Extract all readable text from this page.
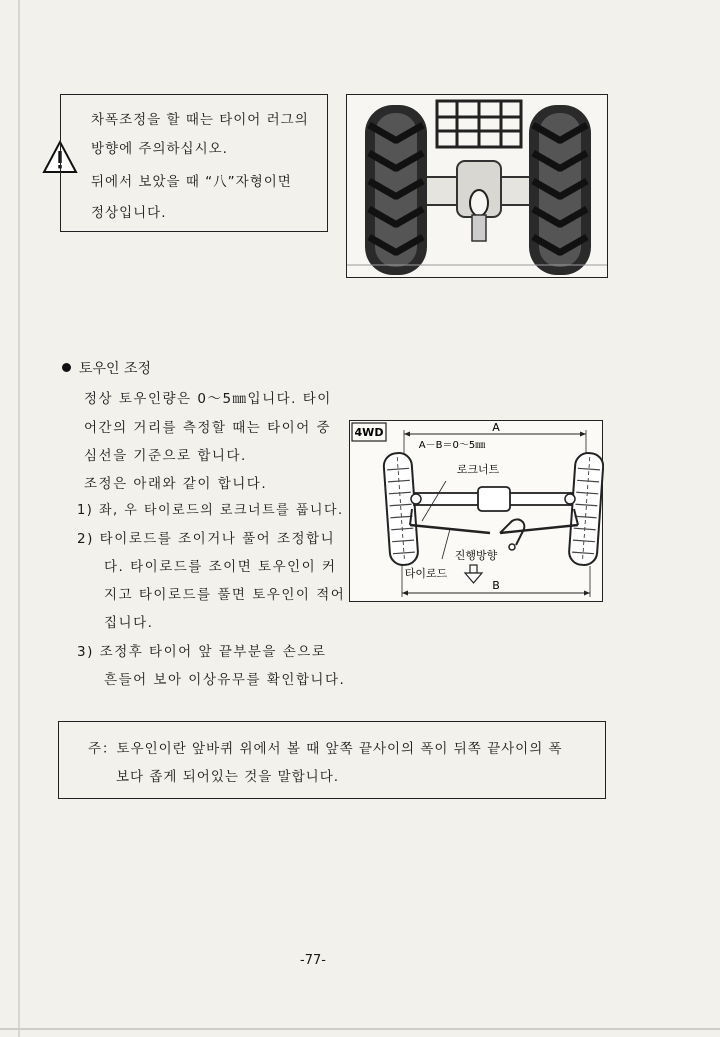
차폭조정을 할 때는 타이어 러그의
방향에 주의하십시오.
뒤에서 보았을 때 “八”자형이면
정상입니다.
토우인 조정
정상 토우인량은 0～5㎜입니다. 타이
어간의 거리를 측정할 때는 타이어 중
심선을 기준으로 합니다.
조정은 아래와 같이 합니다.
1) 좌, 우 타이로드의 로크너트를 풉니다.
2) 타이로드를 조이거나 풀어 조정합니
다. 타이로드를 조이면 토우인이 커
지고 타이로드를 풀면 토우인이 적어
집니다.
3) 조정후 타이어 앞 끝부분을 손으로
흔들어 보아 이상유무를 확인합니다.
4WD	A
A－B＝0～5㎜
로크너트
진행방향
타이로드
B
주：토우인이란 앞바퀴 위에서 볼 때 앞쪽 끝사이의 폭이 뒤쪽 끝사이의 폭
보다 좁게 되어있는 것을 말합니다.
-77-
